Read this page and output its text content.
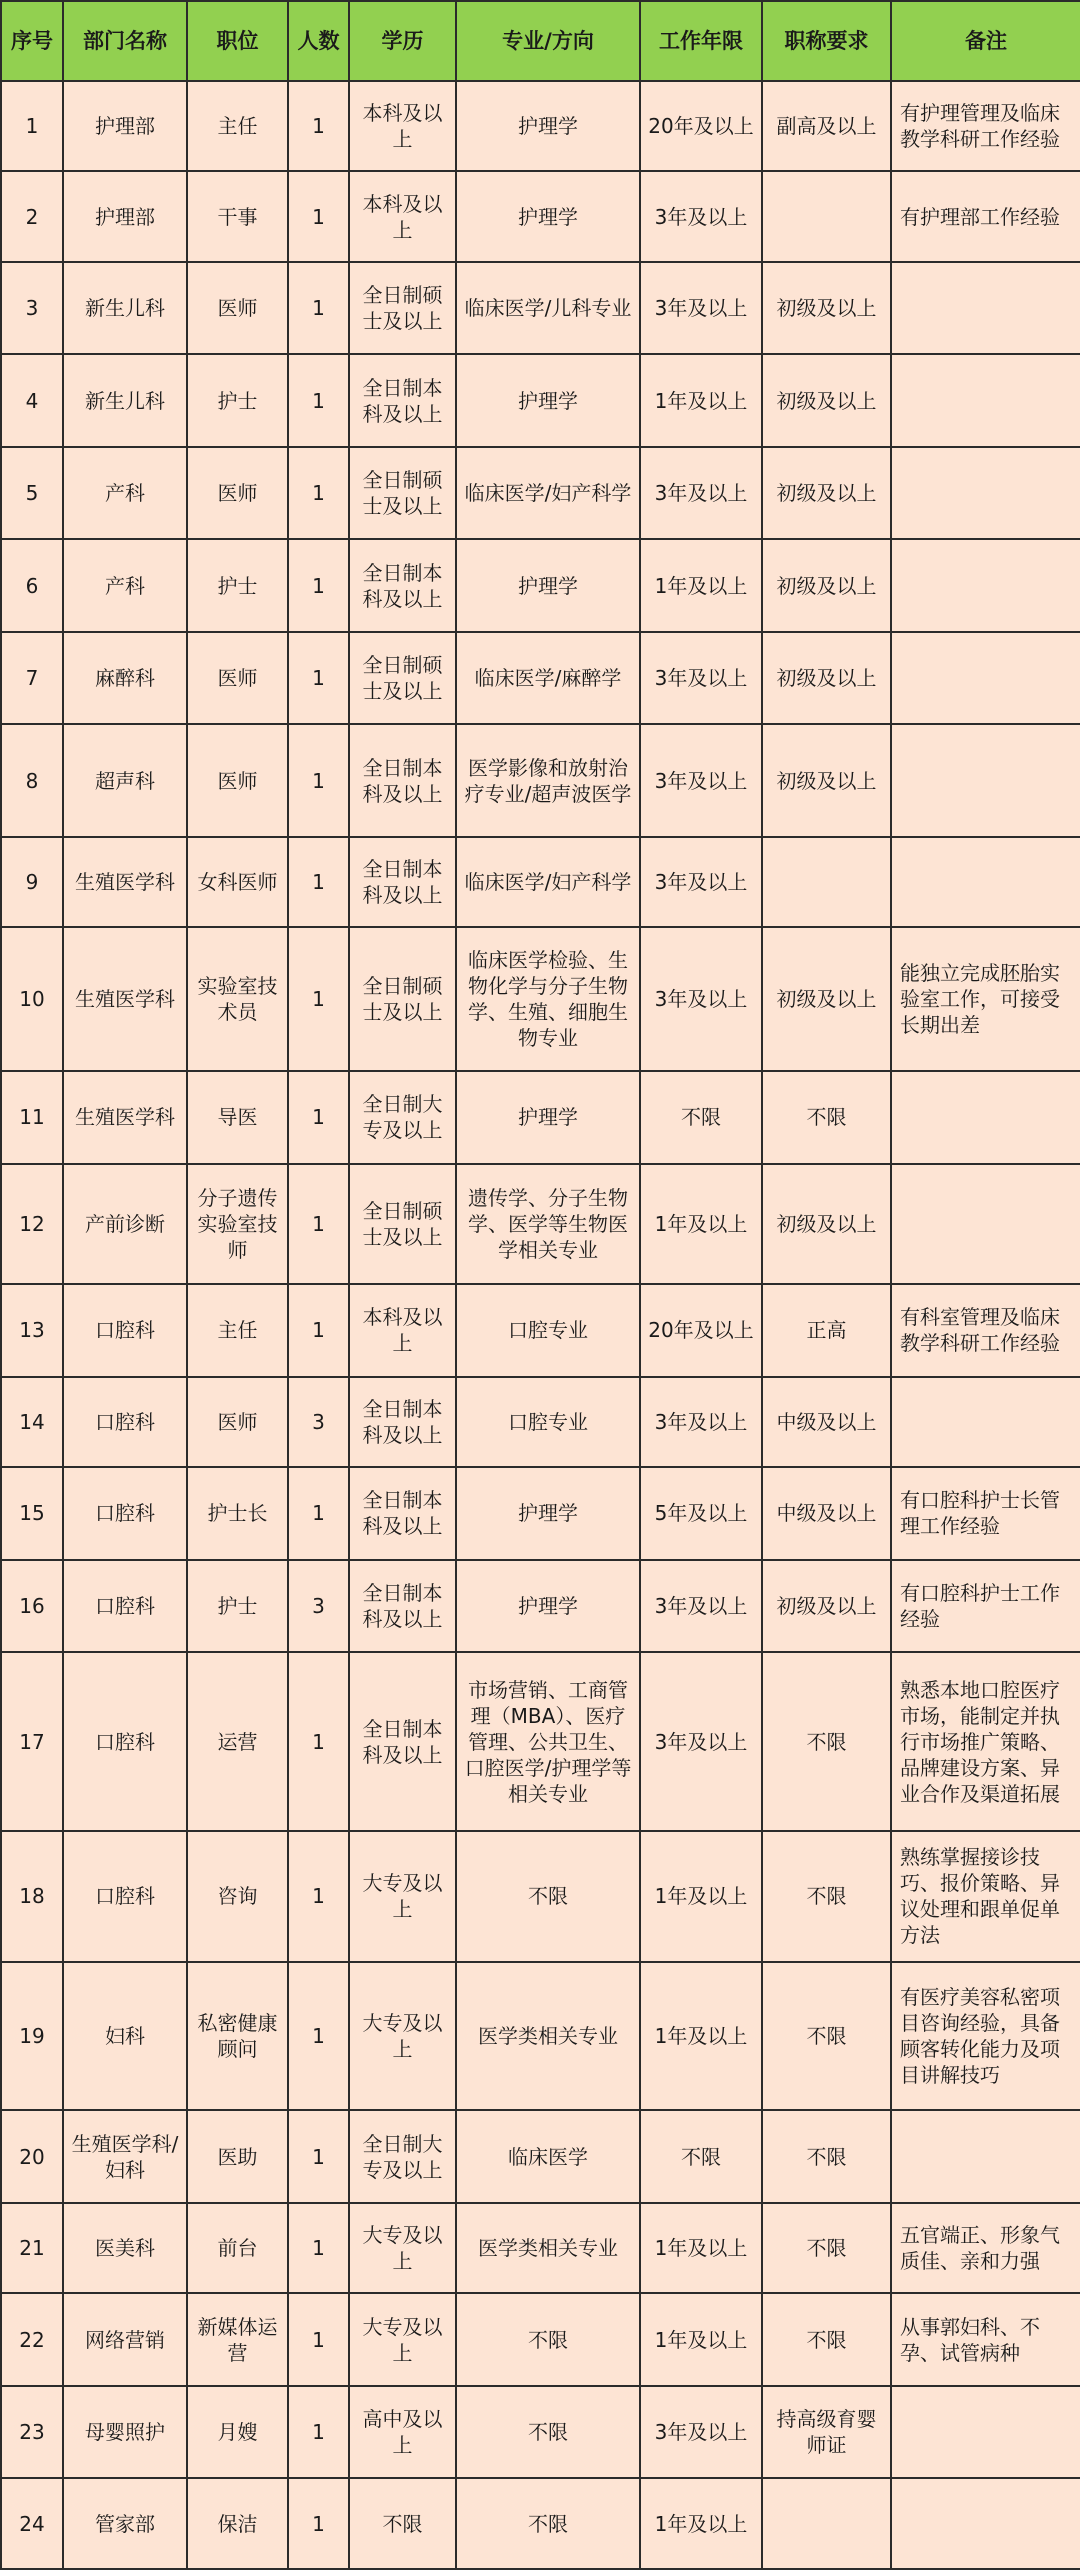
序号	部门名称	职位	人数	学历	专业/方向	工作年限	职称要求	备注
1	护理部	主任	1	本科及以上	护理学	20年及以上	副高及以上	有护理管理及临床教学科研工作经验
2	护理部	干事	1	本科及以上	护理学	3年及以上		有护理部工作经验
3	新生儿科	医师	1	全日制硕士及以上	临床医学/儿科专业	3年及以上	初级及以上	
4	新生儿科	护士	1	全日制本科及以上	护理学	1年及以上	初级及以上	
5	产科	医师	1	全日制硕士及以上	临床医学/妇产科学	3年及以上	初级及以上	
6	产科	护士	1	全日制本科及以上	护理学	1年及以上	初级及以上	
7	麻醉科	医师	1	全日制硕士及以上	临床医学/麻醉学	3年及以上	初级及以上	
8	超声科	医师	1	全日制本科及以上	医学影像和放射治疗专业/超声波医学	3年及以上	初级及以上	
9	生殖医学科	女科医师	1	全日制本科及以上	临床医学/妇产科学	3年及以上		
10	生殖医学科	实验室技术员	1	全日制硕士及以上	临床医学检验、生物化学与分子生物学、生殖、细胞生物专业	3年及以上	初级及以上	能独立完成胚胎实验室工作，可接受长期出差
11	生殖医学科	导医	1	全日制大专及以上	护理学	不限	不限	
12	产前诊断	分子遗传实验室技师	1	全日制硕士及以上	遗传学、分子生物学、医学等生物医学相关专业	1年及以上	初级及以上	
13	口腔科	主任	1	本科及以上	口腔专业	20年及以上	正高	有科室管理及临床教学科研工作经验
14	口腔科	医师	3	全日制本科及以上	口腔专业	3年及以上	中级及以上	
15	口腔科	护士长	1	全日制本科及以上	护理学	5年及以上	中级及以上	有口腔科护士长管理工作经验
16	口腔科	护士	3	全日制本科及以上	护理学	3年及以上	初级及以上	有口腔科护士工作经验
17	口腔科	运营	1	全日制本科及以上	市场营销、工商管理（MBA）、医疗管理、公共卫生、口腔医学/护理学等相关专业	3年及以上	不限	熟悉本地口腔医疗市场，能制定并执行市场推广策略、品牌建设方案、异业合作及渠道拓展
18	口腔科	咨询	1	大专及以上	不限	1年及以上	不限	熟练掌握接诊技巧、报价策略、异议处理和跟单促单方法
19	妇科	私密健康顾问	1	大专及以上	医学类相关专业	1年及以上	不限	有医疗美容私密项目咨询经验，具备顾客转化能力及项目讲解技巧
20	生殖医学科/妇科	医助	1	全日制大专及以上	临床医学	不限	不限	
21	医美科	前台	1	大专及以上	医学类相关专业	1年及以上	不限	五官端正、形象气质佳、亲和力强
22	网络营销	新媒体运营	1	大专及以上	不限	1年及以上	不限	从事郭妇科、不孕、试管病种
23	母婴照护	月嫂	1	高中及以上	不限	3年及以上	持高级育婴师证	
24	管家部	保洁	1	不限	不限	1年及以上		
